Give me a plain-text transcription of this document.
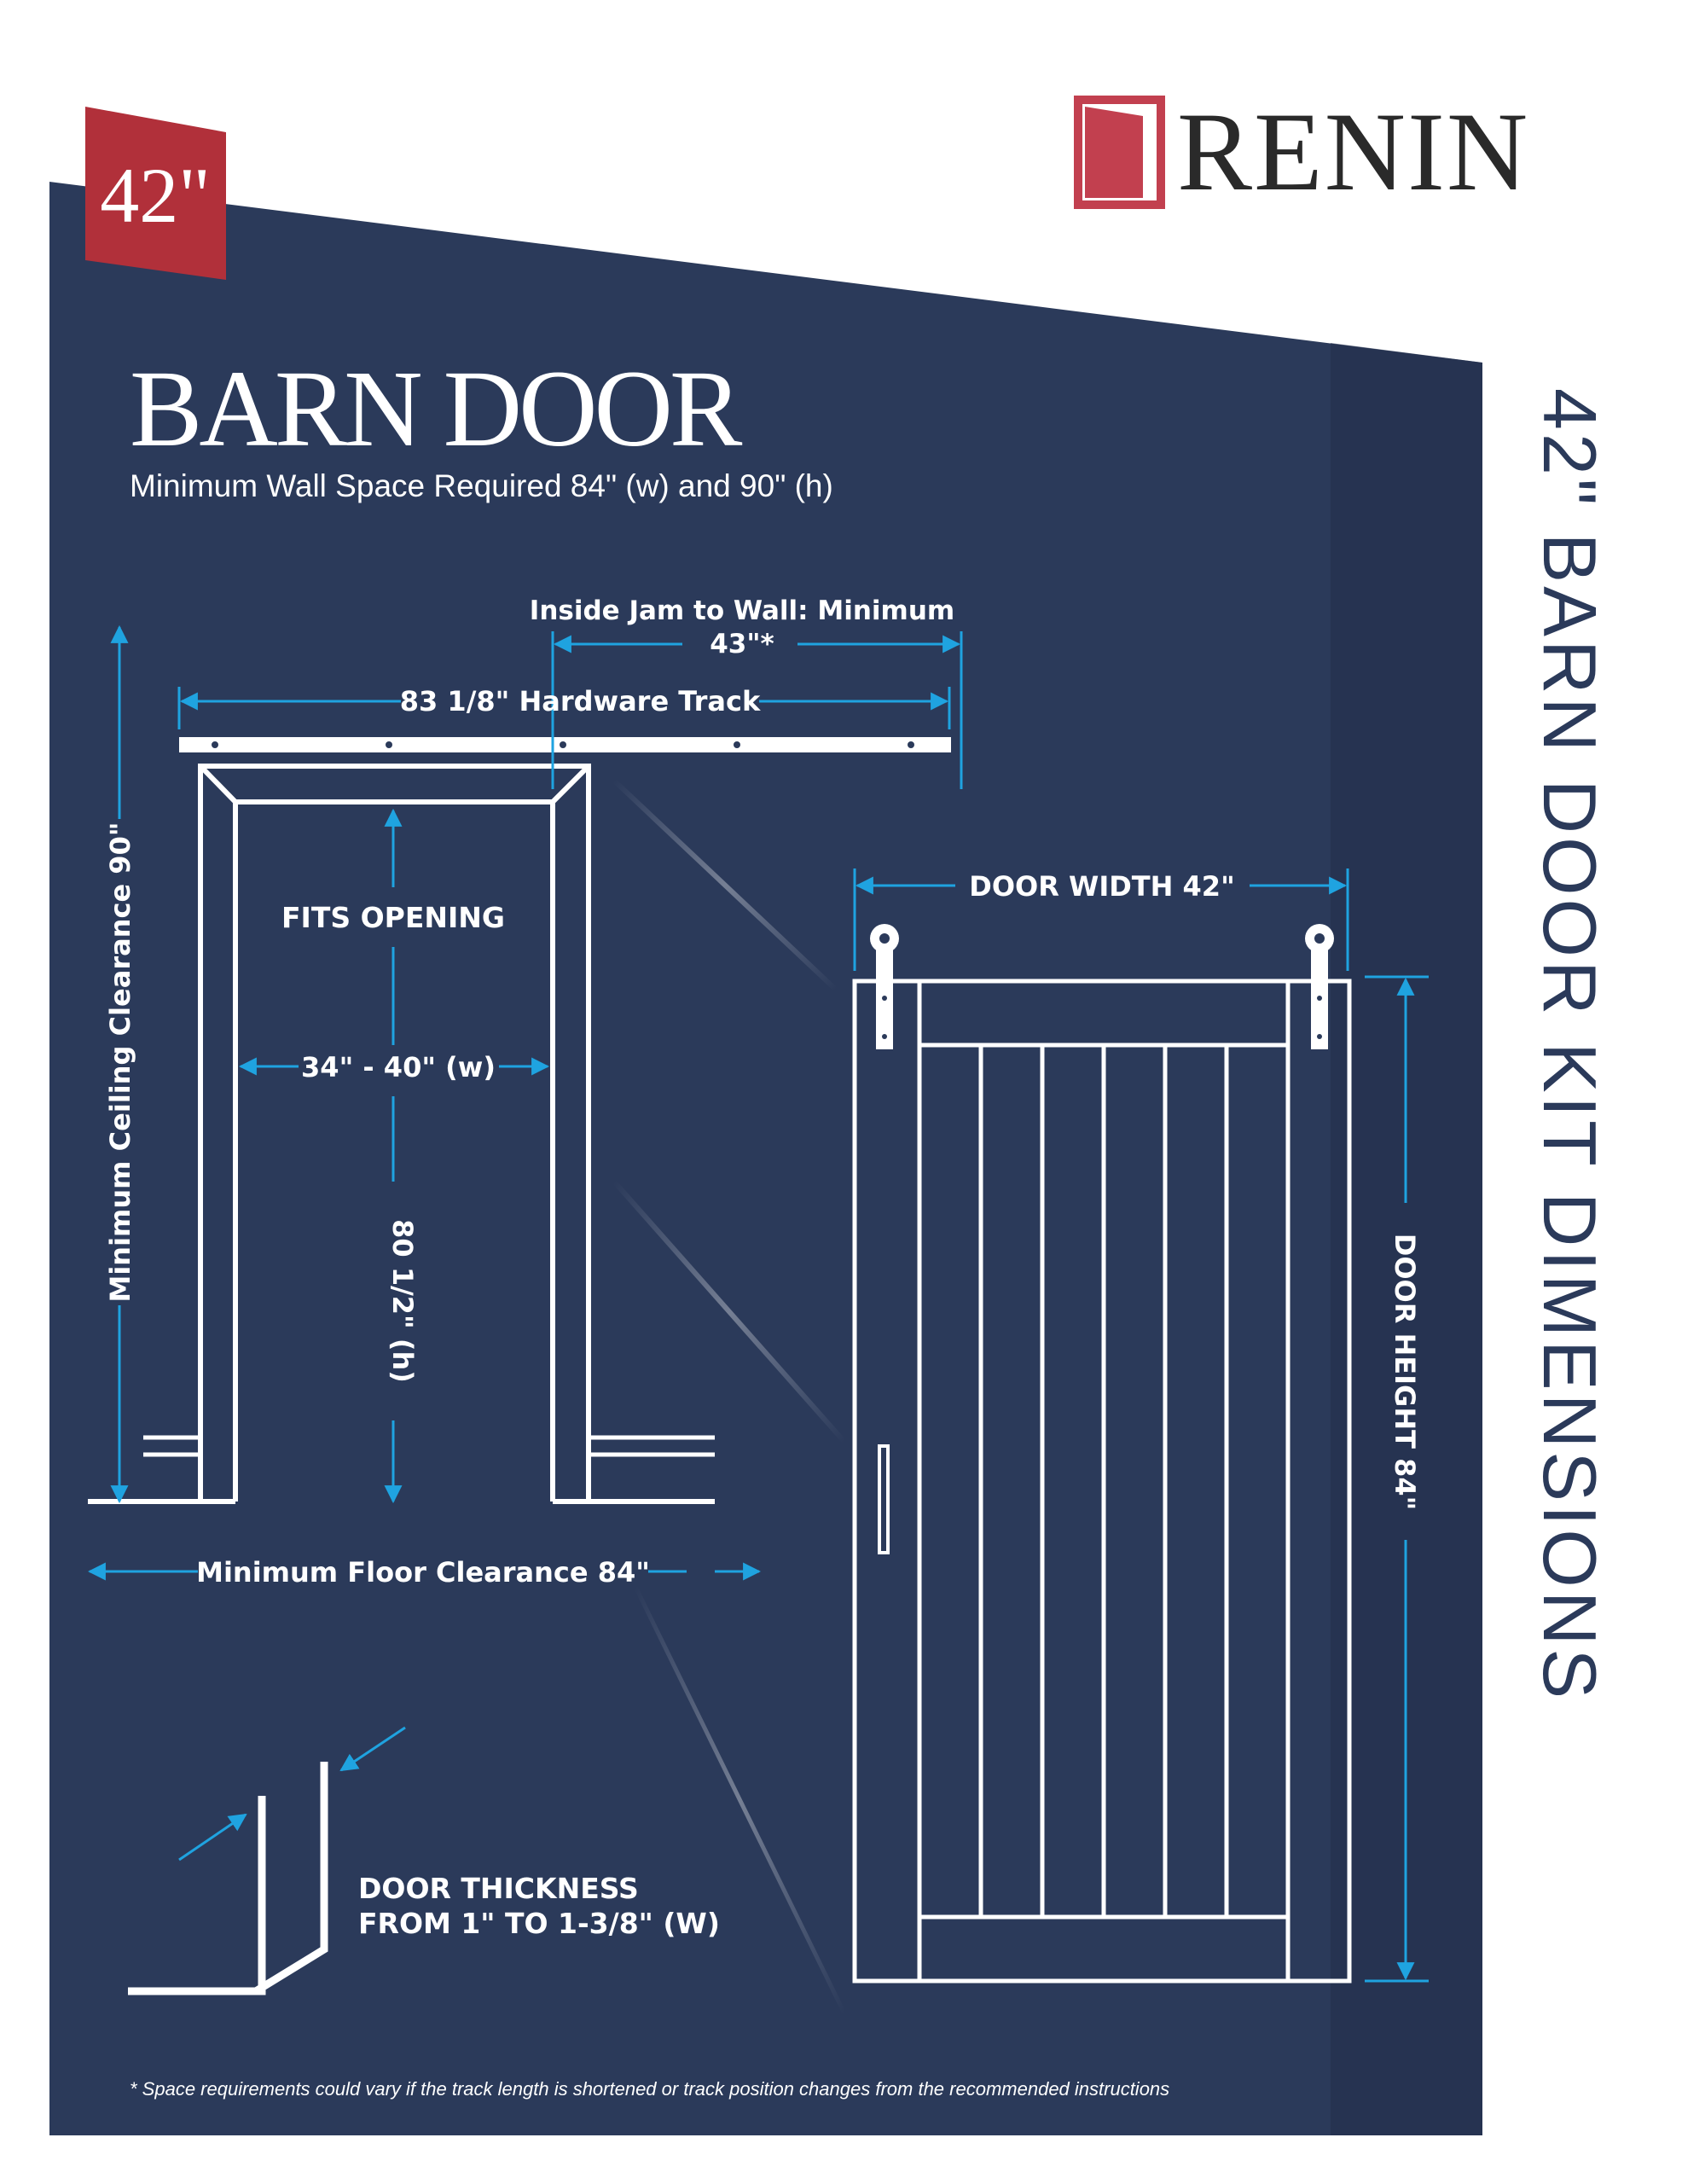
42"	RENIN
BARN DOOR
Minimum Wall Space Required 84" (w) and 90" (h)	42" BARN DOOR KIT DIMENSIONS
Inside Jam to Wall: Minimum
43"*
83 1/8" Hardware Track
FITS OPENING
34" - 40" (w)
80 1/2" (h)
Minimum Ceiling Clearance 90"
Minimum Floor Clearance 84"
DOOR WIDTH 42"
DOOR HEIGHT 84"
DOOR THICKNESS
FROM 1" TO 1-3/8" (W)
* Space requirements could vary if the track length is shortened or track position changes from the recommended instructions
